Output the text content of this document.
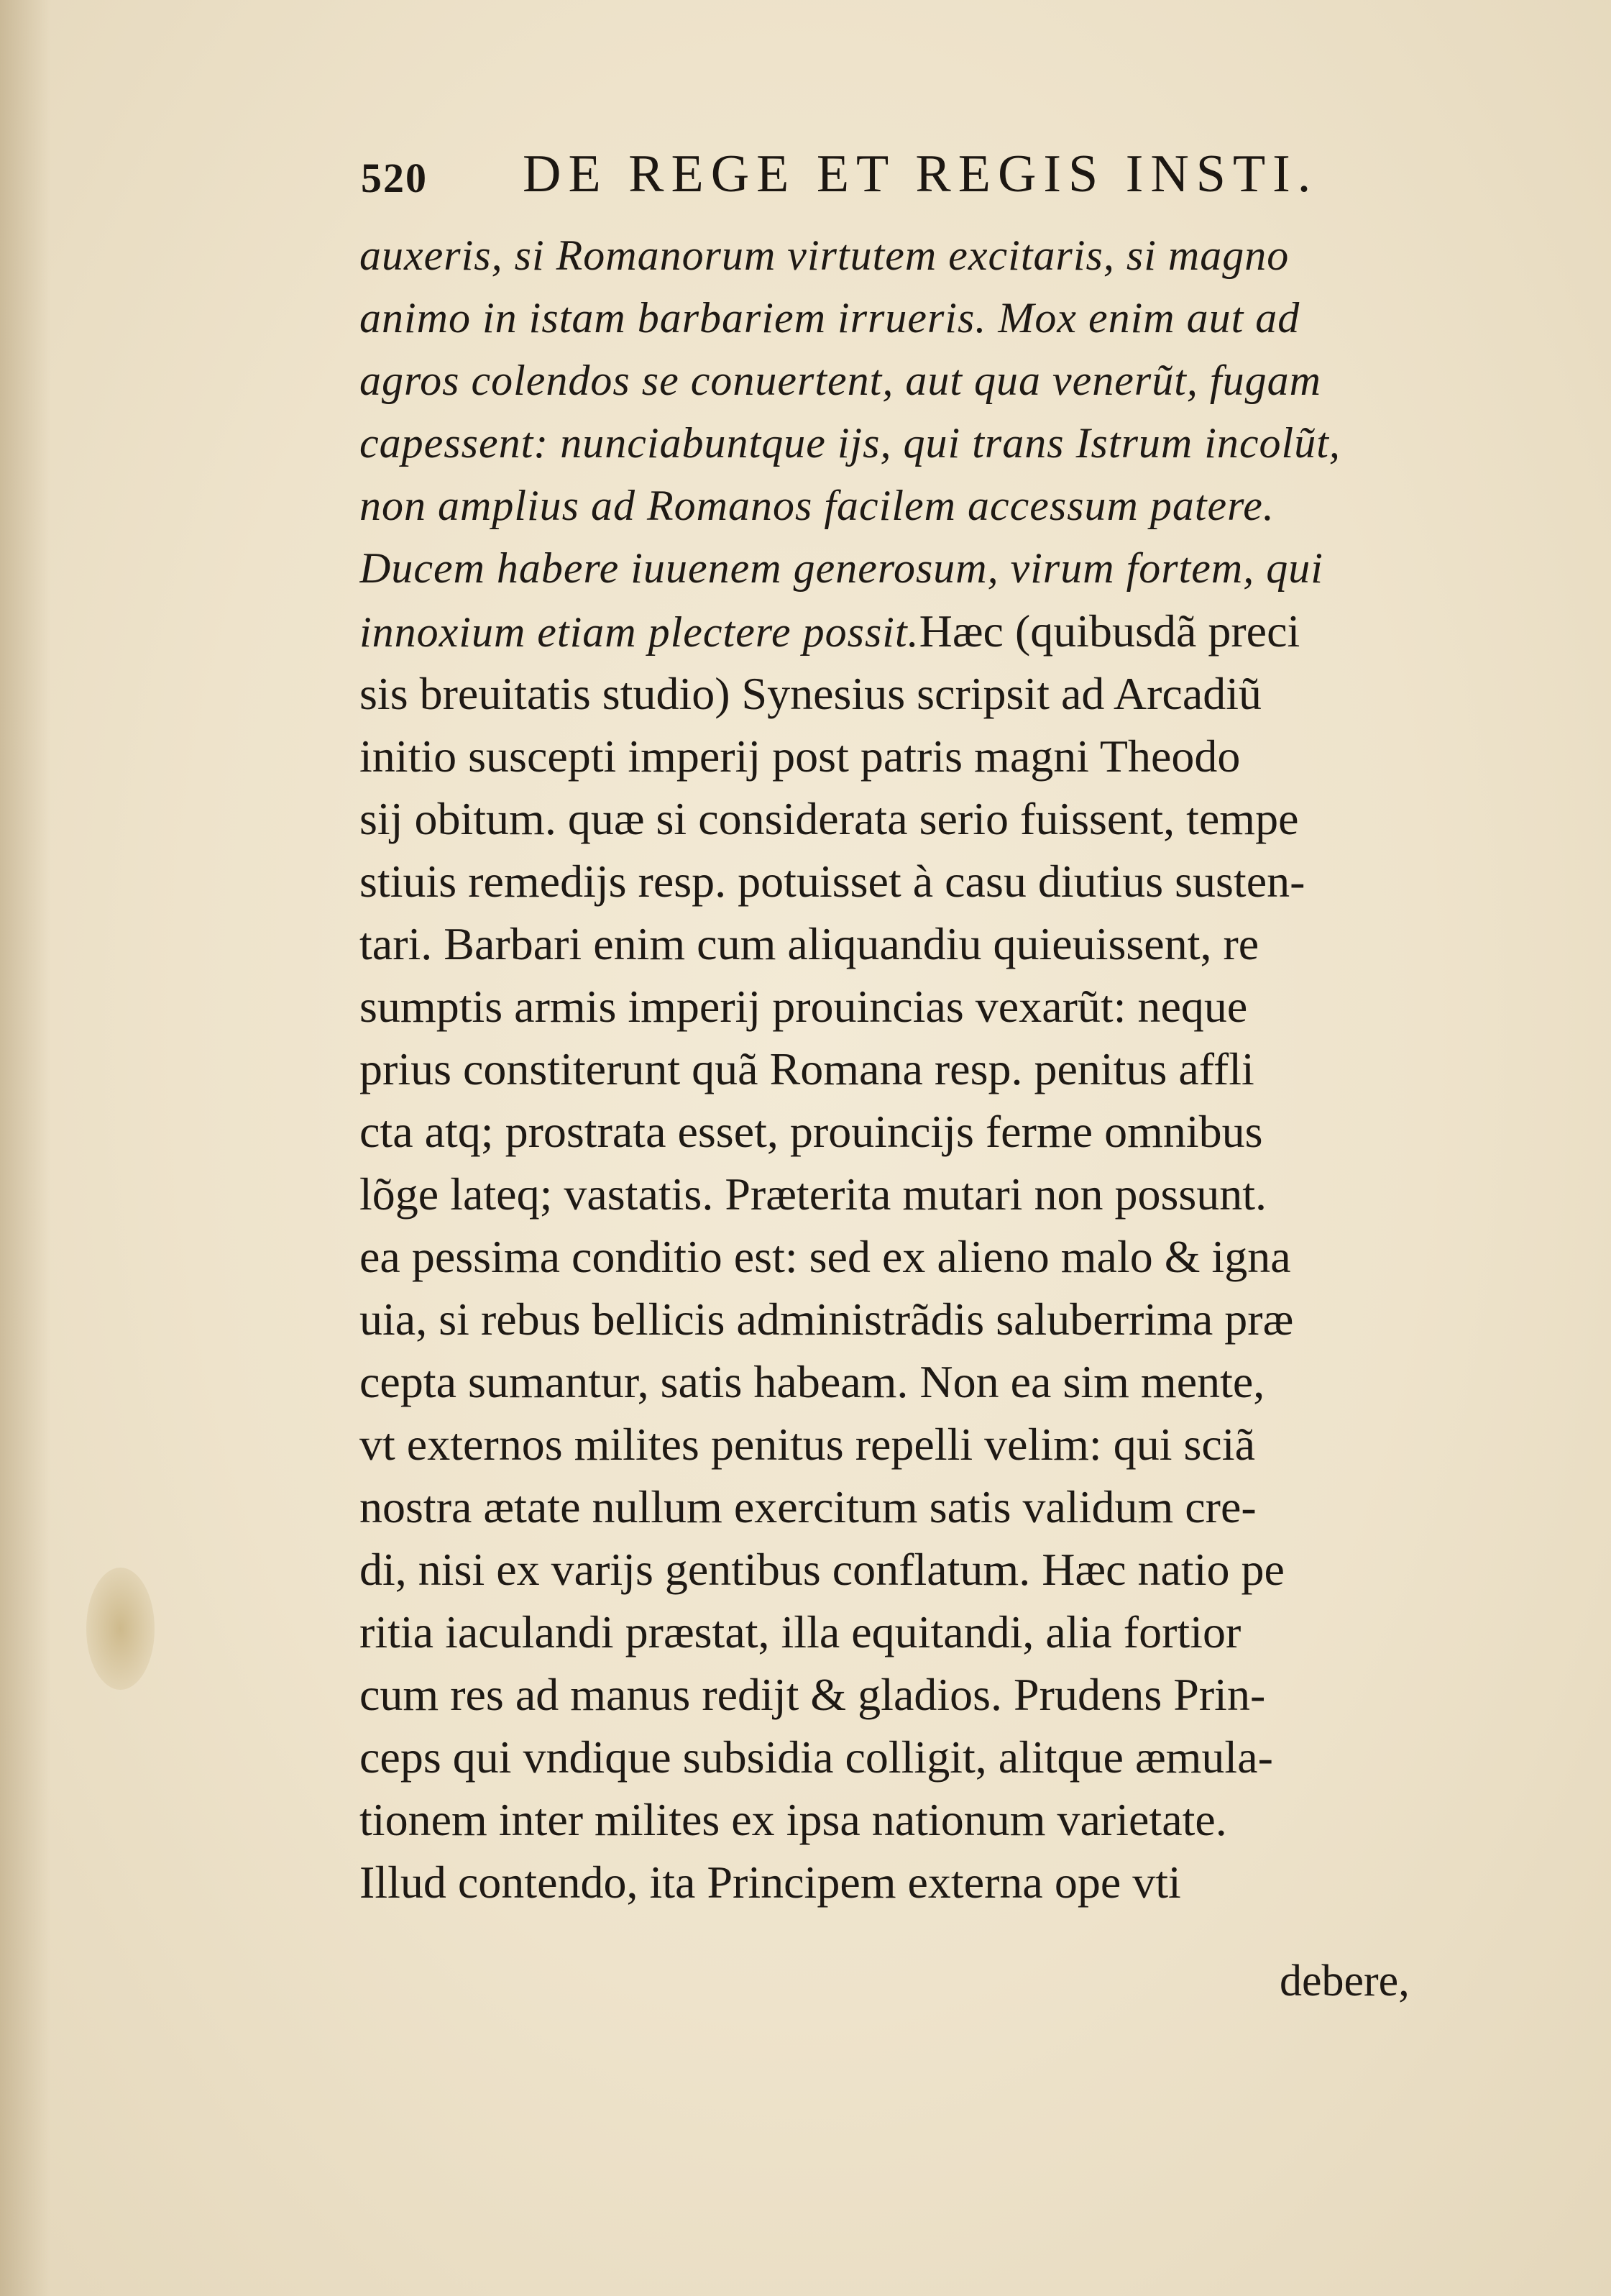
520 DE REGE ET REGIS INSTI.
auxeris, si Romanorum virtutem excitaris, si magno
animo in istam barbariem irrueris. Mox enim aut ad
agros colendos se conuertent, aut qua venerũt, fugam
capessent: nunciabuntque ijs, qui trans Istrum incolũt,
non amplius ad Romanos facilem accessum patere.
Ducem habere iuuenem generosum, virum fortem, qui
innoxium etiam plectere possit.Hæc (quibusdã preci
sis breuitatis studio) Synesius scripsit ad Arcadiũ
initio suscepti imperij post patris magni Theodo
sij obitum. quæ si considerata serio fuissent, tempe
stiuis remedijs resp. potuisset à casu diutius susten-
tari. Barbari enim cum aliquandiu quieuissent, re
sumptis armis imperij prouincias vexarũt: neque
prius constiterunt quã Romana resp. penitus affli
cta atq; prostrata esset, prouincijs ferme omnibus
lõge lateq; vastatis. Præterita mutari non possunt.
ea pessima conditio est: sed ex alieno malo & igna
uia, si rebus bellicis administrãdis saluberrima præ
cepta sumantur, satis habeam. Non ea sim mente,
vt externos milites penitus repelli velim: qui sciã
nostra ætate nullum exercitum satis validum cre-
di, nisi ex varijs gentibus conflatum. Hæc natio pe
ritia iaculandi præstat, illa equitandi, alia fortior
cum res ad manus redijt & gladios. Prudens Prin-
ceps qui vndique subsidia colligit, alitque æmula-
tionem inter milites ex ipsa nationum varietate.
Illud contendo, ita Principem externa ope vti
debere,
